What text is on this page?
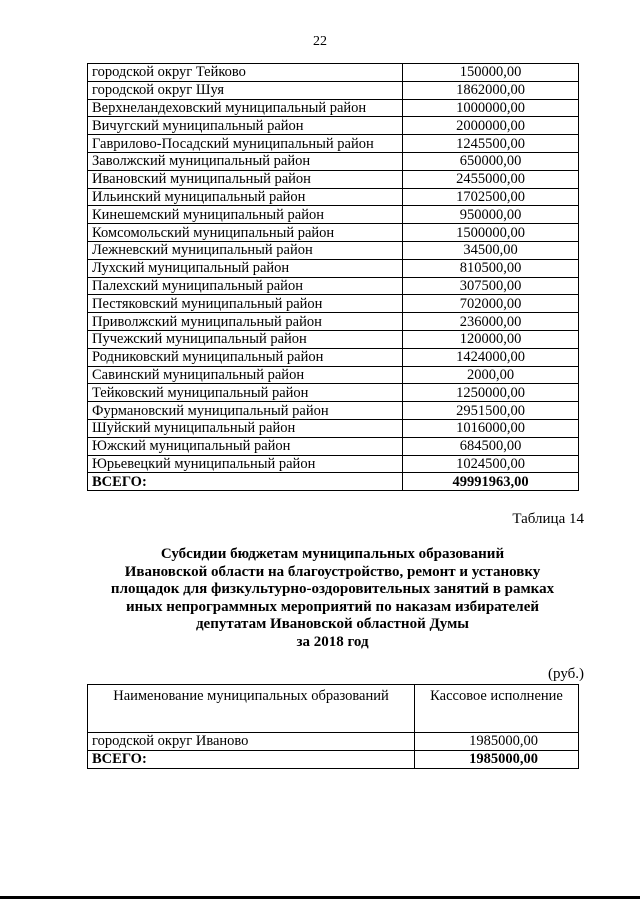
22
городской округ Тейково	150000,00
городской округ Шуя	1862000,00
Верхнеландеховский муниципальный район	1000000,00
Вичугский муниципальный район	2000000,00
Гаврилово-Посадский муниципальный район	1245500,00
Заволжский муниципальный район	650000,00
Ивановский муниципальный район	2455000,00
Ильинский муниципальный район	1702500,00
Кинешемский муниципальный район	950000,00
Комсомольский муниципальный район	1500000,00
Лежневский муниципальный район	34500,00
Лухский муниципальный район	810500,00
Палехский муниципальный район	307500,00
Пестяковский муниципальный район	702000,00
Приволжский муниципальный район	236000,00
Пучежский муниципальный район	120000,00
Родниковский муниципальный район	1424000,00
Савинский муниципальный район	2000,00
Тейковский муниципальный район	1250000,00
Фурмановский муниципальный район	2951500,00
Шуйский муниципальный район	1016000,00
Южский муниципальный район	684500,00
Юрьевецкий муниципальный район	1024500,00
ВСЕГО:	49991963,00
Таблица 14
Субсидии бюджетам муниципальных образований
Ивановской области на благоустройство, ремонт и установку
площадок для физкультурно-оздоровительных занятий в рамках
иных непрограммных мероприятий по наказам избирателей
депутатам Ивановской областной Думы
за 2018 год
(руб.)
Наименование муниципальных образований	Кассовое исполнение
городской округ Иваново	1985000,00
ВСЕГО:	1985000,00
